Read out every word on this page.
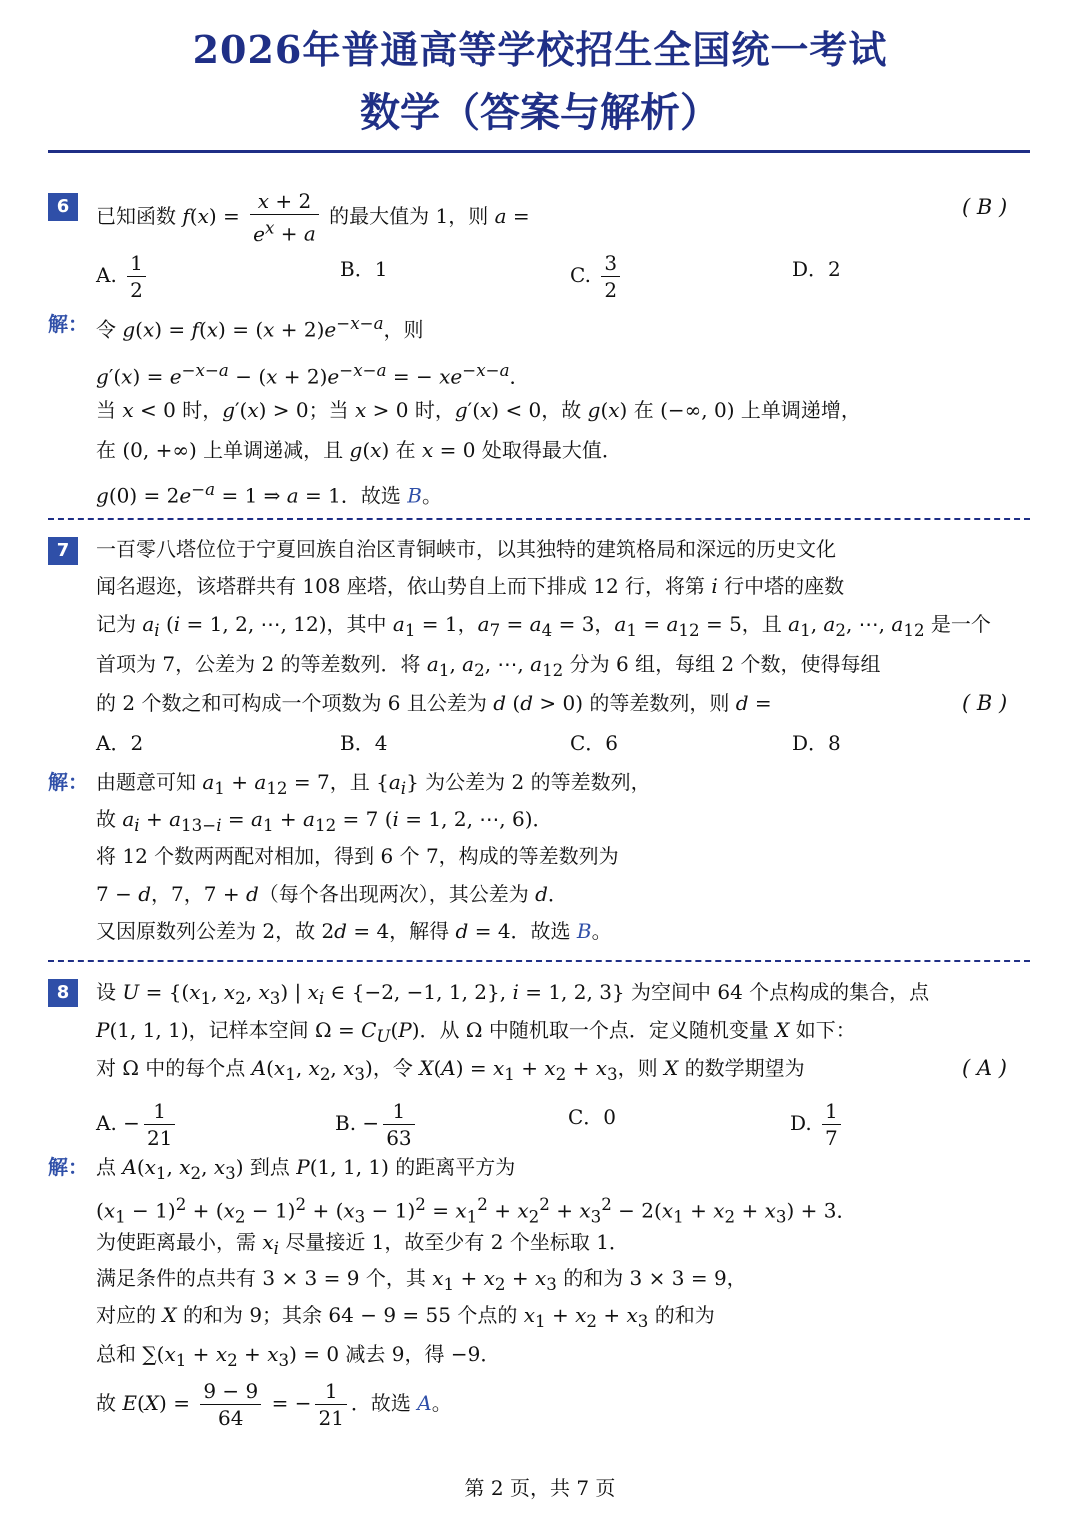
2026年普通高等学校招生全国统一考试
数学（答案与解析）
6	已知函数 $f(x) = \frac{x + 2}{e^x + a}$ 的最大值为 1，则 a =	( B )
A. $\frac{1}{2}$	B．1	C. $\frac{3}{2}$	D．2
解： 令 $g(x) = f(x) = (x + 2)e^{-x-a}$，则
$g'(x) = e^{-x-a} - (x + 2)e^{-x-a}$ = − $xe^{-x-a}$．
当 x < 0 时，g′(x) > 0；当 x > 0 时，g′(x) < 0，故 g(x) 在 (−∞, 0) 上单调递增，
在 (0, +∞) 上单调递减，且 g(x) 在 x = 0 处取得最大值．
$g(0) = 2e^{-a} = 1$ ⇒ a = 1．故选 B。
7	一百零八塔位位于宁夏回族自治区青铜峡市，以其独特的建筑格局和深远的历史文化
闻名遐迩，该塔群共有 108 座塔，依山势自上而下排成 12 行，将第 i 行中塔的座数
记为 $a_i$ (i = 1, 2, ⋯, 12)，其中 $a_1 = 1$，$a_7 = a_4 = 3$，$a_1 = a_{12} = 5$，且 $a_1$, $a_2$, ⋯, $a_{12}$ 是一个
首项为 7，公差为 2 的等差数列．将 $a_1$, $a_2$, ⋯, $a_{12}$ 分为 6 组，每组 2 个数，使得每组
的 2 个数之和可构成一个项数为 6 且公差为 d (d > 0) 的等差数列，则 d =	( B )
A．2	B．4	C．6	D．8
解： 由题意可知 $a_1 + a_{12} = 7$，且 $\{a_i\}$ 为公差为 2 的等差数列，
故 $a_i + a_{13-i} = a_1 + a_{12} = 7$ (i = 1, 2, ⋯, 6)．
将 12 个数两两配对相加，得到 6 个 7，构成的等差数列为
7 − d，7，7 + d（每个各出现两次），其公差为 d．
又因原数列公差为 2，故 2d = 4，解得 d = 4．故选 B。
8	设 $U = \{(x_1$, $x_2$, $x_3$) | $x_i$ ∈ {−2, −1, 1, 2}, i = 1, 2, 3} 为空间中 64 个点构成的集合，点
P(1, 1, 1)，记样本空间 $\Omega = C_U(P)$．从 Ω 中随机取一个点．定义随机变量 X 如下：
对 Ω 中的每个点 $A(x_1$, $x_2$, $x_3$)，令 $X(A) = x_1 + x_2 + x_3$，则 X 的数学期望为	( A )
A. − $\frac{1}{21}$	B. − $\frac{1}{63}$	C．0	D. $\frac{1}{7}$
解： 点 $A(x_1$, $x_2$, $x_3$) 到点 P(1, 1, 1) 的距离平方为
$(x_1 - 1)^2 + (x_2 - 1)^2 + (x_3 - 1)^2 = x_1^2 + x_2^2 + x_3^2 - 2(x_1 + x_2 + x_3) + 3$．
为使距离最小，需 $x_i$ 尽量接近 1，故至少有 2 个坐标取 1．
满足条件的点共有 3 × 3 = 9 个，其 $x_1 + x_2 + x_3$ 的和为 3 × 3 = 9，
对应的 X 的和为 9；其余 64 − 9 = 55 个点的 $x_1 + x_2 + x_3$ 的和为
总和 $\sum(x_1 + x_2 + x_3) = 0$ 减去 9，得 −9．
故 $E(X) = \frac{9 - 9}{64}$ = − $\frac{1}{21}$ ．故选 A。
第 2 页，共 7 页
